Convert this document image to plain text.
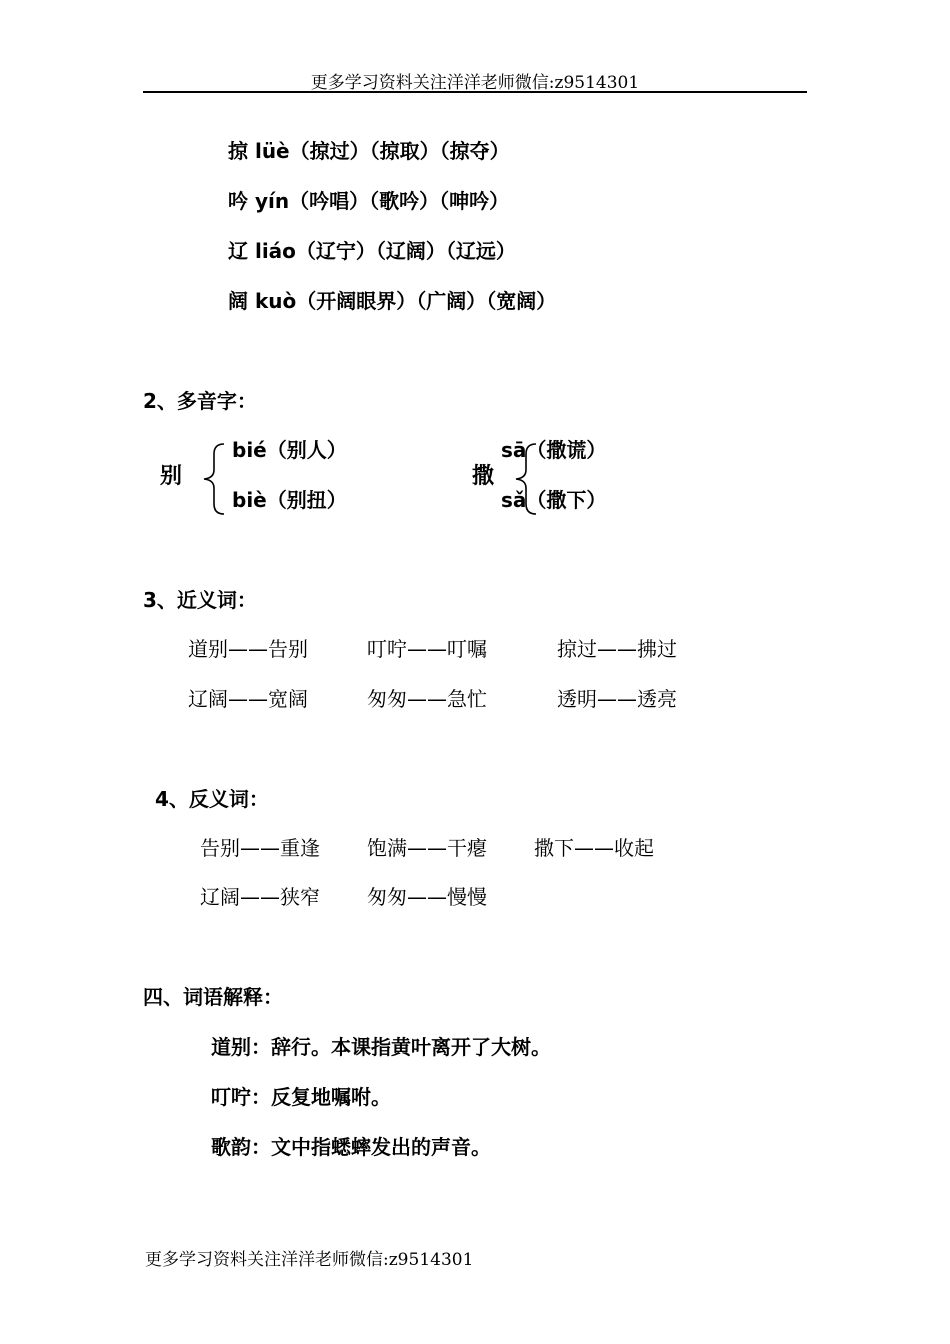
更多学习资料关注洋洋老师微信:z9514301
掠 lüè（掠过）（掠取）（掠夺）
吟 yín（吟唱）（歌吟）（呻吟）
辽 liáo（辽宁）（辽阔）（辽远）
阔 kuò（开阔眼界）（广阔）（宽阔）
2、多音字：
别
bié（别人）
biè（别扭）
撒
sā（撒谎）
sǎ（撒下）
3、近义词：
道别——告别	叮咛——叮嘱	掠过——拂过
辽阔——宽阔	匆匆——急忙	透明——透亮
4、反义词：
告别——重逢 饱满——干瘪 撒下——收起
辽阔——狭窄 匆匆——慢慢
四、词语解释：
道别：辞行。本课指黄叶离开了大树。
叮咛：反复地嘱咐。
歌韵：文中指蟋蟀发出的声音。
更多学习资料关注洋洋老师微信:z9514301
